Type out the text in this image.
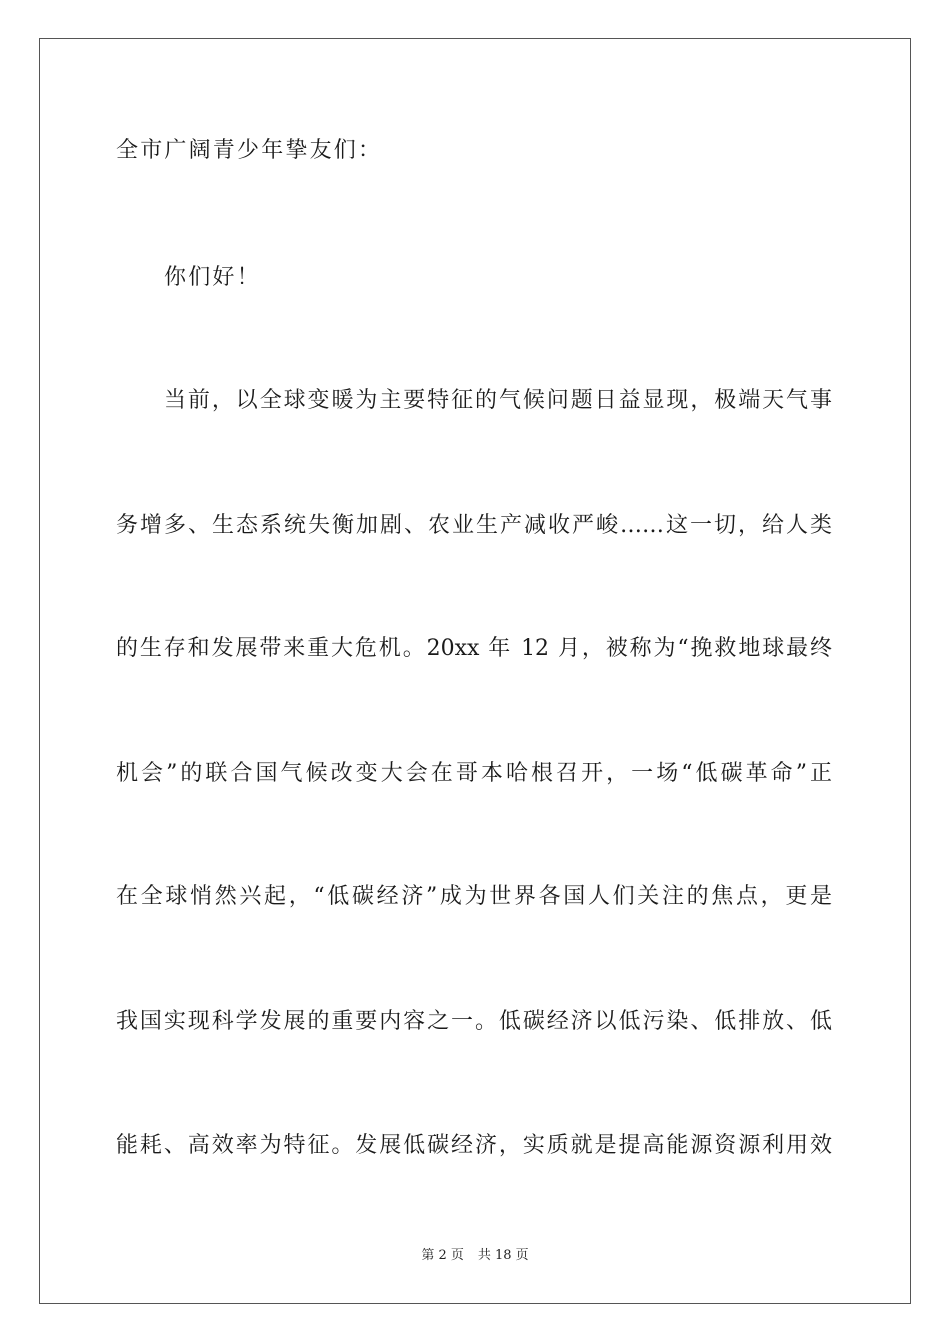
全市广阔青少年挚友们：
你们好！
当前，以全球变暖为主要特征的气候问题日益显现，极端天气事
务增多、生态系统失衡加剧、农业生产减收严峻……这一切，给人类
的生存和发展带来重大危机。20xx 年 12 月，被称为“挽救地球最终
机会”的联合国气候改变大会在哥本哈根召开，一场“低碳革命”正
在全球悄然兴起，“低碳经济”成为世界各国人们关注的焦点，更是
我国实现科学发展的重要内容之一。低碳经济以低污染、低排放、低
能耗、高效率为特征。发展低碳经济，实质就是提高能源资源利用效
第 2 页 共 18 页
